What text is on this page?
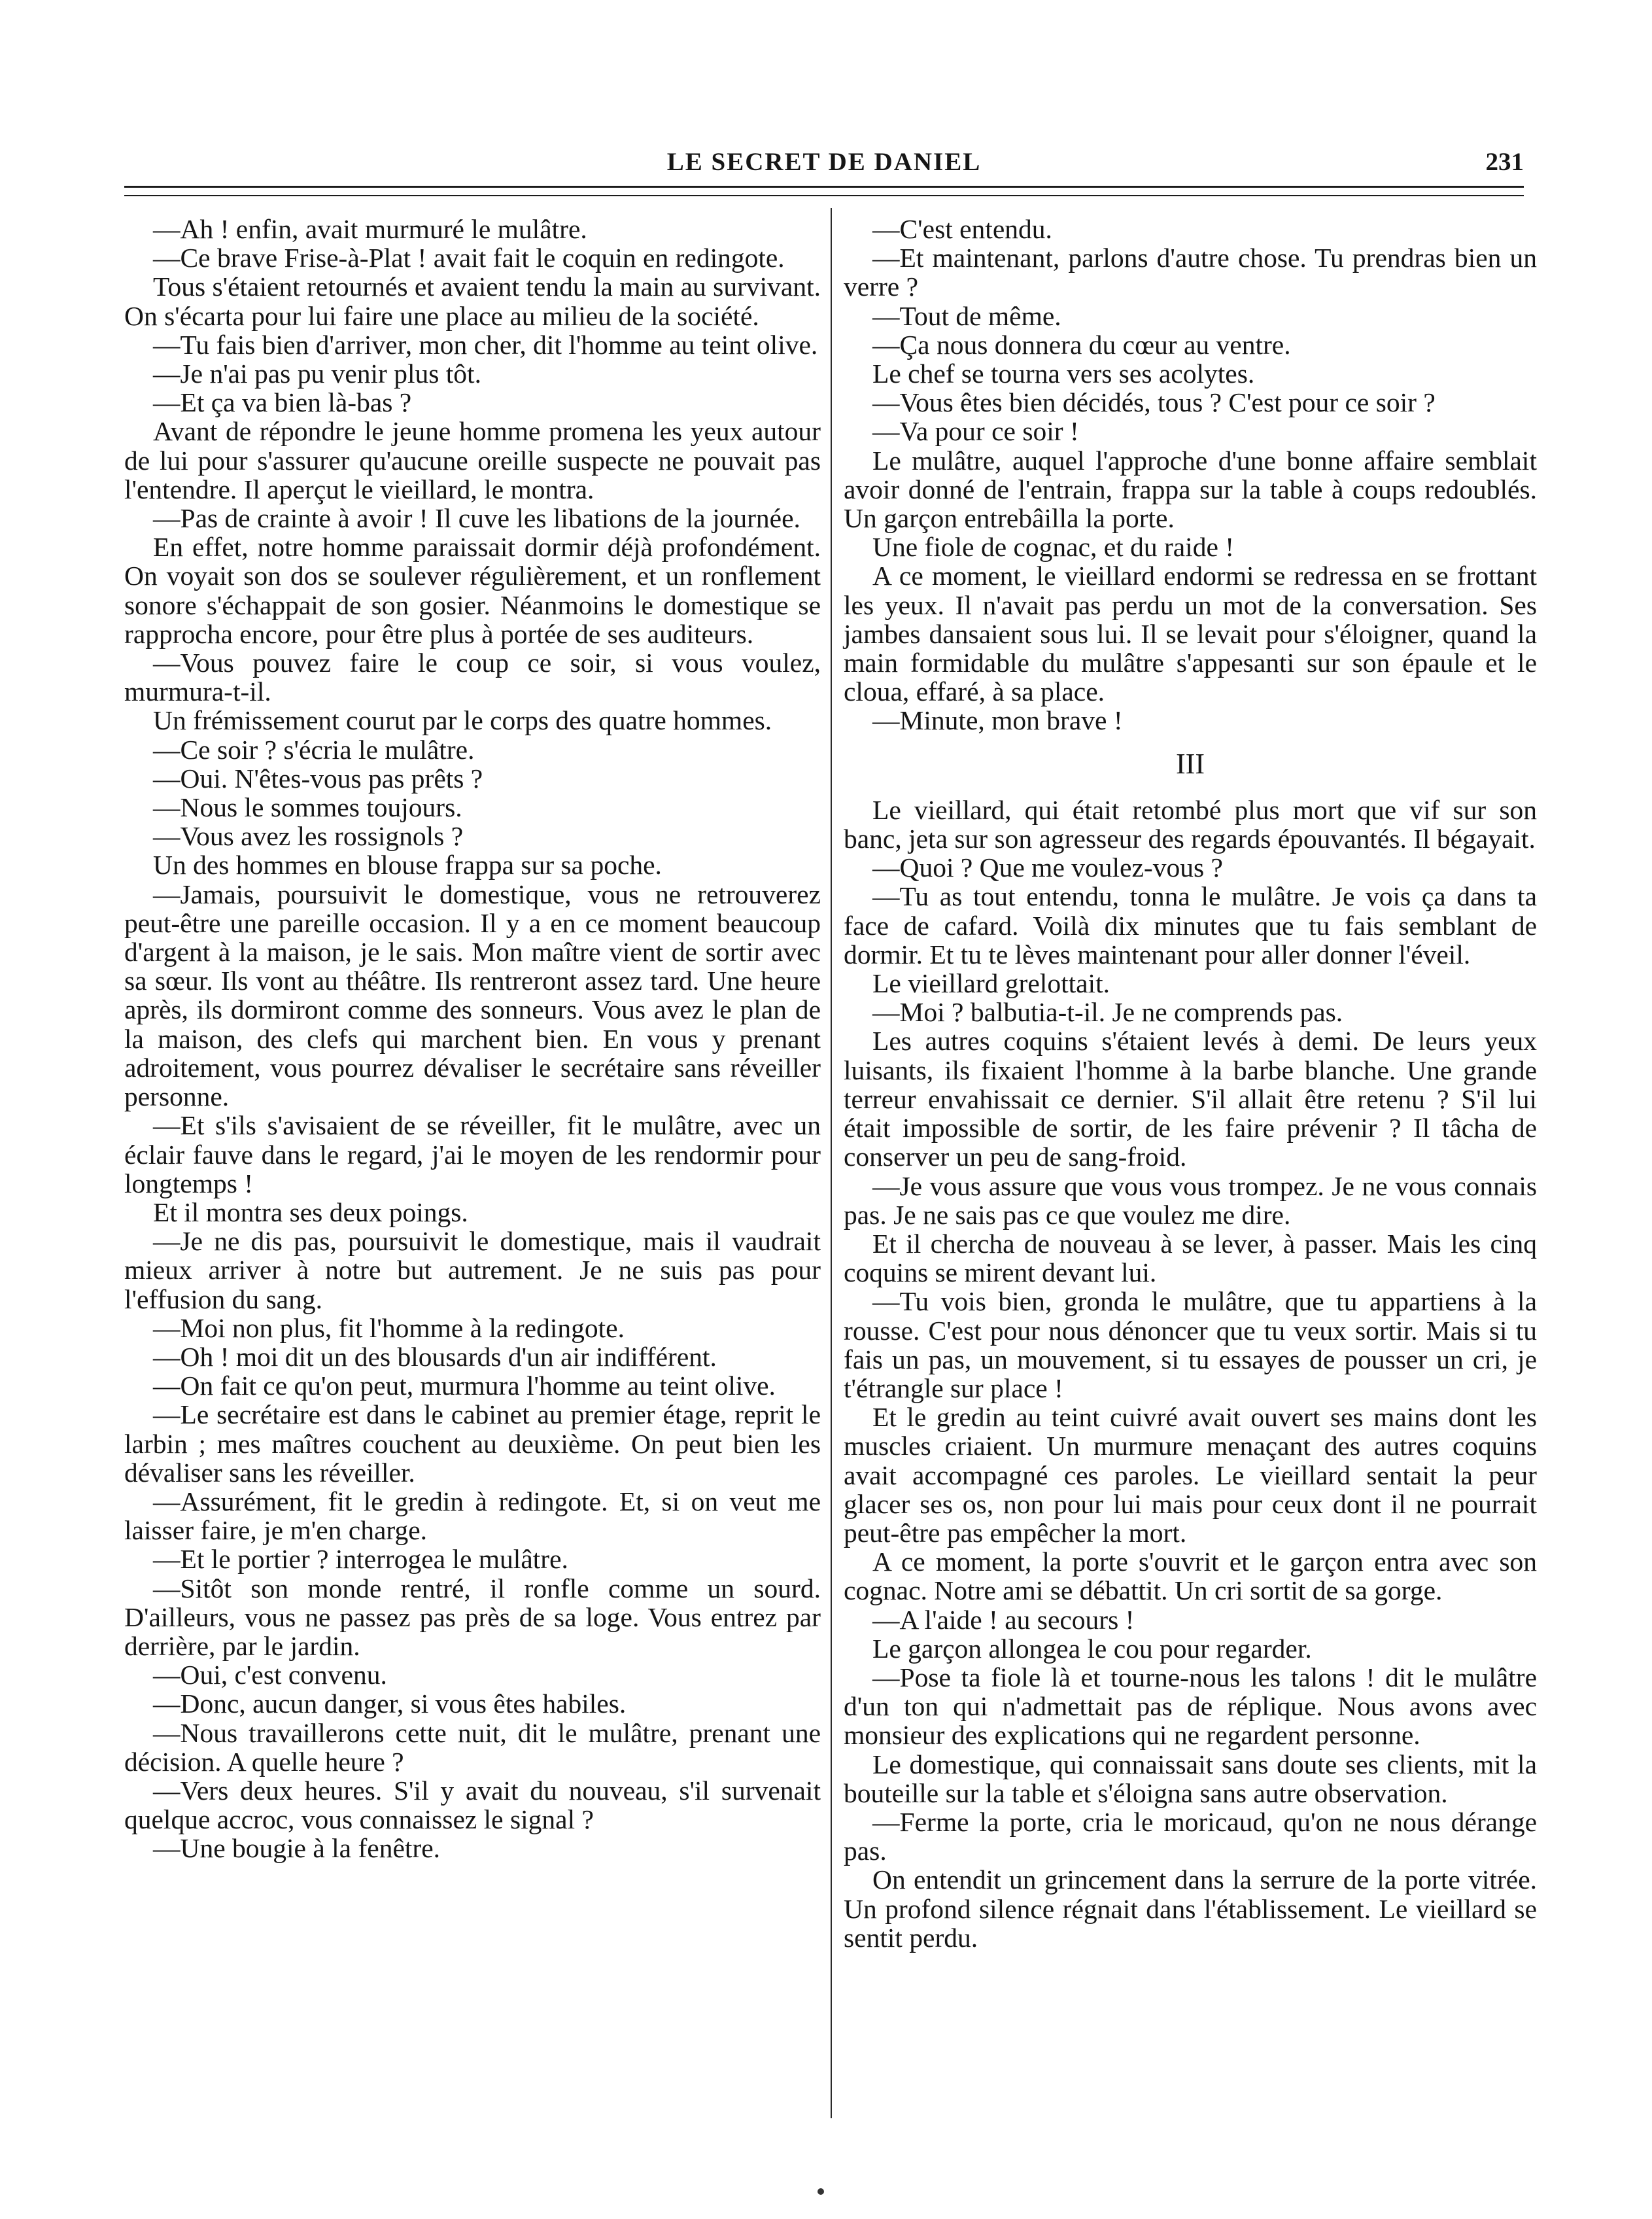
LE SECRET DE DANIEL	231

—Ah ! enfin, avait murmuré le mulâtre.

—Ce brave Frise-à-Plat ! avait fait le coquin en redingote.

Tous s'étaient retournés et avaient tendu la main au survivant. On s'écarta pour lui faire une place au milieu de la société.

—Tu fais bien d'arriver, mon cher, dit l'homme au teint olive.

—Je n'ai pas pu venir plus tôt.

—Et ça va bien là-bas ?

Avant de répondre le jeune homme promena les yeux autour de lui pour s'assurer qu'aucune oreille suspecte ne pouvait pas l'entendre. Il aperçut le vieillard, le montra.

—Pas de crainte à avoir ! Il cuve les libations de la journée.

En effet, notre homme paraissait dormir déjà profondément. On voyait son dos se soulever régulièrement, et un ronflement sonore s'échappait de son gosier. Néanmoins le domestique se rapprocha encore, pour être plus à portée de ses auditeurs.

—Vous pouvez faire le coup ce soir, si vous voulez, murmura-t-il.

Un frémissement courut par le corps des quatre hommes.

—Ce soir ? s'écria le mulâtre.

—Oui. N'êtes-vous pas prêts ?

—Nous le sommes toujours.

—Vous avez les rossignols ?

Un des hommes en blouse frappa sur sa poche.

—Jamais, poursuivit le domestique, vous ne retrouverez peut-être une pareille occasion. Il y a en ce moment beaucoup d'argent à la maison, je le sais. Mon maître vient de sortir avec sa sœur. Ils vont au théâtre. Ils rentreront assez tard. Une heure après, ils dormiront comme des sonneurs. Vous avez le plan de la maison, des clefs qui marchent bien. En vous y prenant adroitement, vous pourrez dévaliser le secrétaire sans réveiller personne.

—Et s'ils s'avisaient de se réveiller, fit le mulâtre, avec un éclair fauve dans le regard, j'ai le moyen de les rendormir pour longtemps !

Et il montra ses deux poings.

—Je ne dis pas, poursuivit le domestique, mais il vaudrait mieux arriver à notre but autrement. Je ne suis pas pour l'effusion du sang.

—Moi non plus, fit l'homme à la redingote.

—Oh ! moi dit un des blousards d'un air indifférent.

—On fait ce qu'on peut, murmura l'homme au teint olive.

—Le secrétaire est dans le cabinet au premier étage, reprit le larbin ; mes maîtres couchent au deuxième. On peut bien les dévaliser sans les réveiller.

—Assurément, fit le gredin à redingote. Et, si on veut me laisser faire, je m'en charge.

—Et le portier ? interrogea le mulâtre.

—Sitôt son monde rentré, il ronfle comme un sourd. D'ailleurs, vous ne passez pas près de sa loge. Vous entrez par derrière, par le jardin.

—Oui, c'est convenu.

—Donc, aucun danger, si vous êtes habiles.

—Nous travaillerons cette nuit, dit le mulâtre, prenant une décision. A quelle heure ?

—Vers deux heures. S'il y avait du nouveau, s'il survenait quelque accroc, vous connaissez le signal ?

—Une bougie à la fenêtre.

—C'est entendu.

—Et maintenant, parlons d'autre chose. Tu prendras bien un verre ?

—Tout de même.

—Ça nous donnera du cœur au ventre.

Le chef se tourna vers ses acolytes.

—Vous êtes bien décidés, tous ? C'est pour ce soir ?

—Va pour ce soir !

Le mulâtre, auquel l'approche d'une bonne affaire semblait avoir donné de l'entrain, frappa sur la table à coups redoublés. Un garçon entrebâilla la porte.

Une fiole de cognac, et du raide !

A ce moment, le vieillard endormi se redressa en se frottant les yeux. Il n'avait pas perdu un mot de la conversation. Ses jambes dansaient sous lui. Il se levait pour s'éloigner, quand la main formidable du mulâtre s'appesanti sur son épaule et le cloua, effaré, à sa place.

—Minute, mon brave !

III

Le vieillard, qui était retombé plus mort que vif sur son banc, jeta sur son agresseur des regards épouvantés. Il bégayait.

—Quoi ? Que me voulez-vous ?

—Tu as tout entendu, tonna le mulâtre. Je vois ça dans ta face de cafard. Voilà dix minutes que tu fais semblant de dormir. Et tu te lèves maintenant pour aller donner l'éveil.

Le vieillard grelottait.

—Moi ? balbutia-t-il. Je ne comprends pas.

Les autres coquins s'étaient levés à demi. De leurs yeux luisants, ils fixaient l'homme à la barbe blanche. Une grande terreur envahissait ce dernier. S'il allait être retenu ? S'il lui était impossible de sortir, de les faire prévenir ? Il tâcha de conserver un peu de sang-froid.

—Je vous assure que vous vous trompez. Je ne vous connais pas. Je ne sais pas ce que voulez me dire.

Et il chercha de nouveau à se lever, à passer. Mais les cinq coquins se mirent devant lui.

—Tu vois bien, gronda le mulâtre, que tu appartiens à la rousse. C'est pour nous dénoncer que tu veux sortir. Mais si tu fais un pas, un mouvement, si tu essayes de pousser un cri, je t'étrangle sur place !

Et le gredin au teint cuivré avait ouvert ses mains dont les muscles criaient. Un murmure menaçant des autres coquins avait accompagné ces paroles. Le vieillard sentait la peur glacer ses os, non pour lui mais pour ceux dont il ne pourrait peut-être pas empêcher la mort.

A ce moment, la porte s'ouvrit et le garçon entra avec son cognac. Notre ami se débattit. Un cri sortit de sa gorge.

—A l'aide ! au secours !

Le garçon allongea le cou pour regarder.

—Pose ta fiole là et tourne-nous les talons ! dit le mulâtre d'un ton qui n'admettait pas de réplique. Nous avons avec monsieur des explications qui ne regardent personne.

Le domestique, qui connaissait sans doute ses clients, mit la bouteille sur la table et s'éloigna sans autre observation.

—Ferme la porte, cria le moricaud, qu'on ne nous dérange pas.

On entendit un grincement dans la serrure de la porte vitrée. Un profond silence régnait dans l'établissement. Le vieillard se sentit perdu.
